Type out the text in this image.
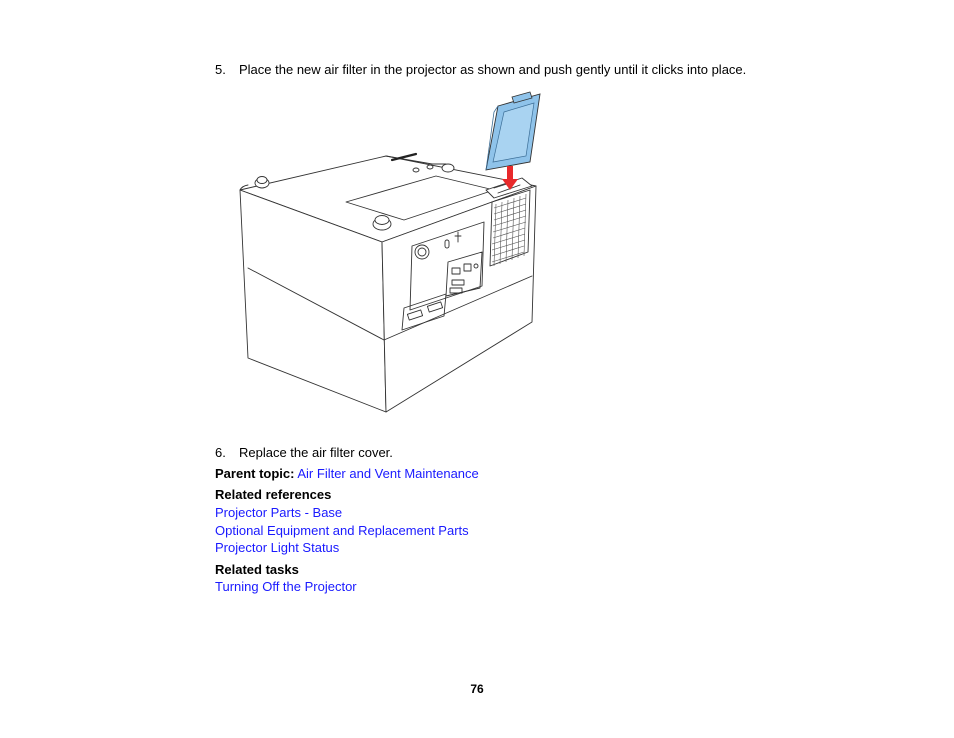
5. Place the new air filter in the projector as shown and push gently until it clicks into place.
6. Replace the air filter cover.
Parent topic: Air Filter and Vent Maintenance
Related references
Projector Parts - Base
Optional Equipment and Replacement Parts
Projector Light Status
Related tasks
Turning Off the Projector
76
